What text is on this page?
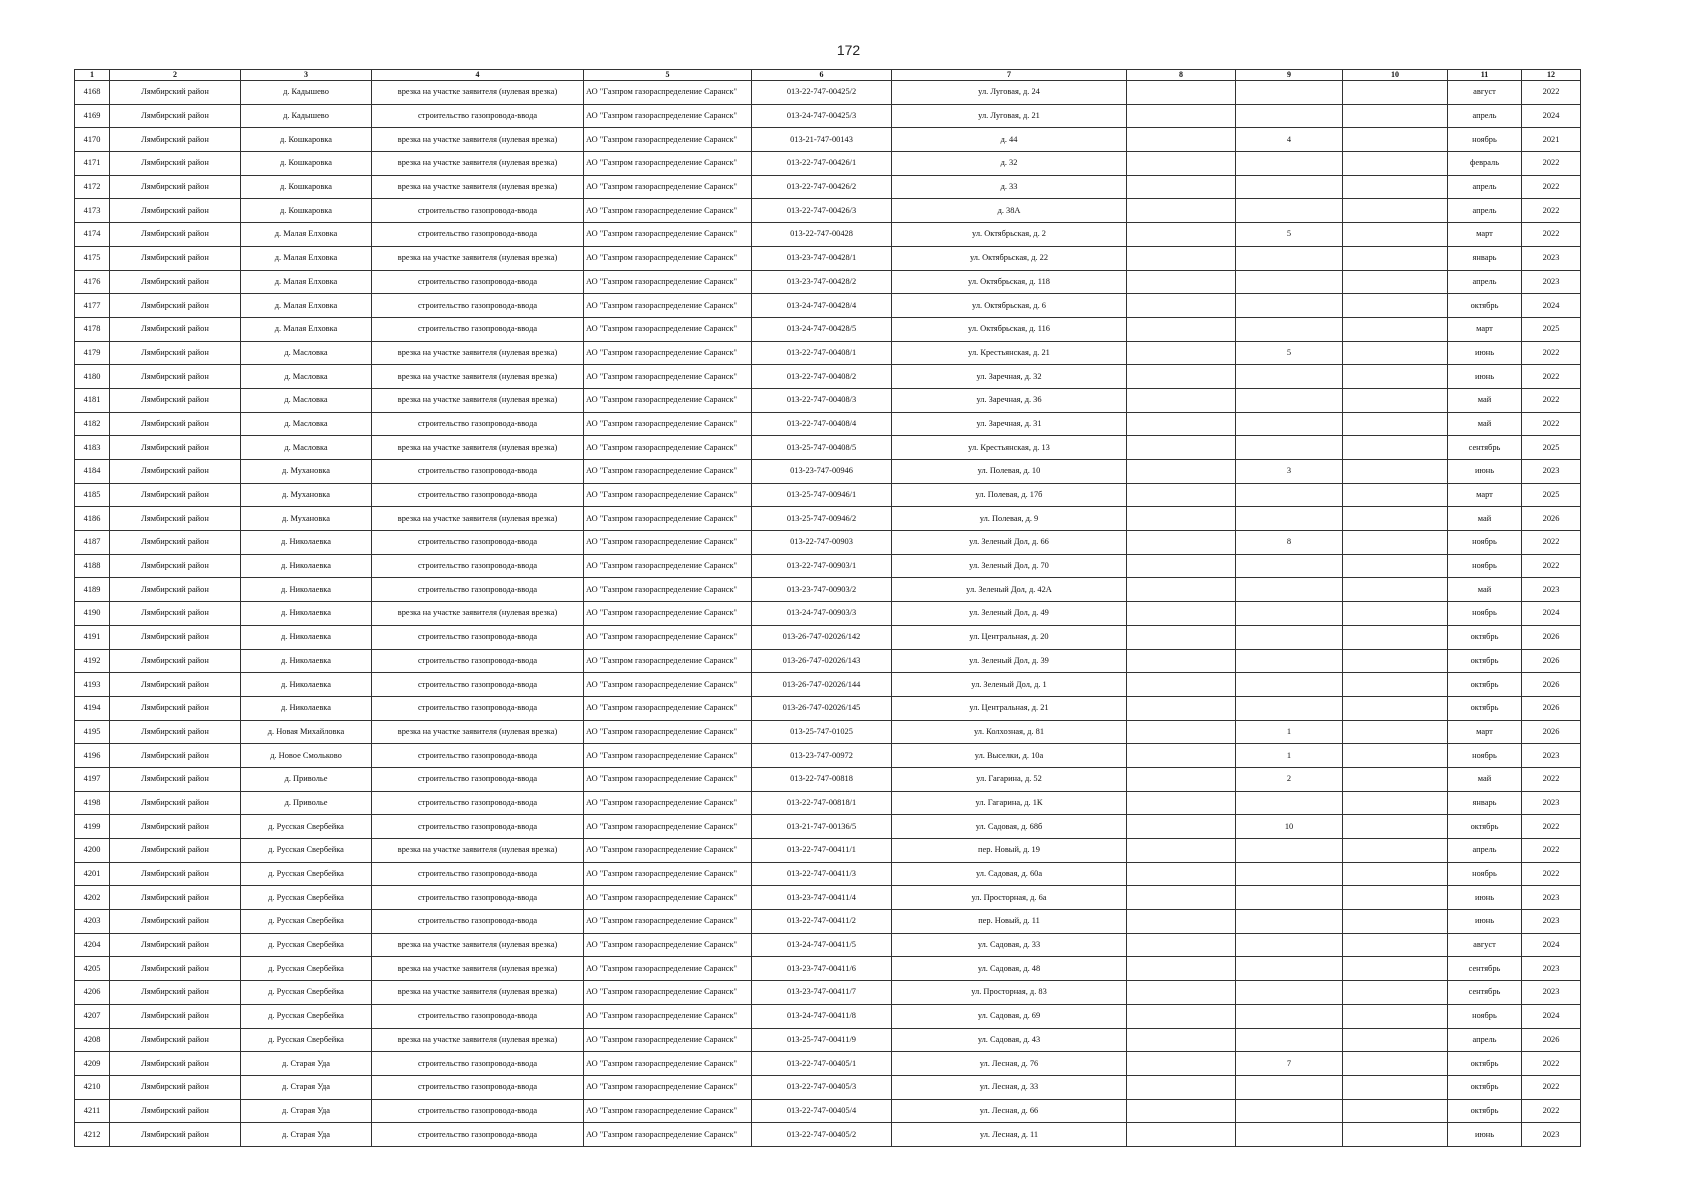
172
1	2	3	4	5	6	7	8	9	10	11	12
4168	Лямбирский район	д. Кадышево	врезка на участке заявителя (нулевая врезка)	АО "Газпром газораспределение Саранск"	013-22-747-00425/2	ул. Луговая, д. 24				август	2022
4169	Лямбирский район	д. Кадышево	строительство газопровода-ввода	АО "Газпром газораспределение Саранск"	013-24-747-00425/3	ул. Луговая, д. 21				апрель	2024
4170	Лямбирский район	д. Кошкаровка	врезка на участке заявителя (нулевая врезка)	АО "Газпром газораспределение Саранск"	013-21-747-00143	д. 44		4		ноябрь	2021
4171	Лямбирский район	д. Кошкаровка	врезка на участке заявителя (нулевая врезка)	АО "Газпром газораспределение Саранск"	013-22-747-00426/1	д. 32				февраль	2022
4172	Лямбирский район	д. Кошкаровка	врезка на участке заявителя (нулевая врезка)	АО "Газпром газораспределение Саранск"	013-22-747-00426/2	д. 33				апрель	2022
4173	Лямбирский район	д. Кошкаровка	строительство газопровода-ввода	АО "Газпром газораспределение Саранск"	013-22-747-00426/3	д. 38А				апрель	2022
4174	Лямбирский район	д. Малая Елховка	строительство газопровода-ввода	АО "Газпром газораспределение Саранск"	013-22-747-00428	ул. Октябрьская, д. 2		5		март	2022
4175	Лямбирский район	д. Малая Елховка	врезка на участке заявителя (нулевая врезка)	АО "Газпром газораспределение Саранск"	013-23-747-00428/1	ул. Октябрьская, д. 22				январь	2023
4176	Лямбирский район	д. Малая Елховка	строительство газопровода-ввода	АО "Газпром газораспределение Саранск"	013-23-747-00428/2	ул. Октябрьская, д. 118				апрель	2023
4177	Лямбирский район	д. Малая Елховка	строительство газопровода-ввода	АО "Газпром газораспределение Саранск"	013-24-747-00428/4	ул. Октябрьская, д. 6				октябрь	2024
4178	Лямбирский район	д. Малая Елховка	строительство газопровода-ввода	АО "Газпром газораспределение Саранск"	013-24-747-00428/5	ул. Октябрьская, д. 116				март	2025
4179	Лямбирский район	д. Масловка	врезка на участке заявителя (нулевая врезка)	АО "Газпром газораспределение Саранск"	013-22-747-00408/1	ул. Крестьянская, д. 21		5		июнь	2022
4180	Лямбирский район	д. Масловка	врезка на участке заявителя (нулевая врезка)	АО "Газпром газораспределение Саранск"	013-22-747-00408/2	ул. Заречная, д. 32				июнь	2022
4181	Лямбирский район	д. Масловка	врезка на участке заявителя (нулевая врезка)	АО "Газпром газораспределение Саранск"	013-22-747-00408/3	ул. Заречная, д. 36				май	2022
4182	Лямбирский район	д. Масловка	строительство газопровода-ввода	АО "Газпром газораспределение Саранск"	013-22-747-00408/4	ул. Заречная, д. 31				май	2022
4183	Лямбирский район	д. Масловка	врезка на участке заявителя (нулевая врезка)	АО "Газпром газораспределение Саранск"	013-25-747-00408/5	ул. Крестьянская, д. 13				сентябрь	2025
4184	Лямбирский район	д. Мухановка	строительство газопровода-ввода	АО "Газпром газораспределение Саранск"	013-23-747-00946	ул. Полевая, д. 10		3		июнь	2023
4185	Лямбирский район	д. Мухановка	строительство газопровода-ввода	АО "Газпром газораспределение Саранск"	013-25-747-00946/1	ул. Полевая, д. 17б				март	2025
4186	Лямбирский район	д. Мухановка	врезка на участке заявителя (нулевая врезка)	АО "Газпром газораспределение Саранск"	013-25-747-00946/2	ул. Полевая, д. 9				май	2026
4187	Лямбирский район	д. Николаевка	строительство газопровода-ввода	АО "Газпром газораспределение Саранск"	013-22-747-00903	ул. Зеленый Дол, д. 66		8		ноябрь	2022
4188	Лямбирский район	д. Николаевка	строительство газопровода-ввода	АО "Газпром газораспределение Саранск"	013-22-747-00903/1	ул. Зеленый Дол, д. 70				ноябрь	2022
4189	Лямбирский район	д. Николаевка	строительство газопровода-ввода	АО "Газпром газораспределение Саранск"	013-23-747-00903/2	ул. Зеленый Дол, д. 42А				май	2023
4190	Лямбирский район	д. Николаевка	врезка на участке заявителя (нулевая врезка)	АО "Газпром газораспределение Саранск"	013-24-747-00903/3	ул. Зеленый Дол, д. 49				ноябрь	2024
4191	Лямбирский район	д. Николаевка	строительство газопровода-ввода	АО "Газпром газораспределение Саранск"	013-26-747-02026/142	ул. Центральная, д. 20				октябрь	2026
4192	Лямбирский район	д. Николаевка	строительство газопровода-ввода	АО "Газпром газораспределение Саранск"	013-26-747-02026/143	ул. Зеленый Дол, д. 39				октябрь	2026
4193	Лямбирский район	д. Николаевка	строительство газопровода-ввода	АО "Газпром газораспределение Саранск"	013-26-747-02026/144	ул. Зеленый Дол, д. 1				октябрь	2026
4194	Лямбирский район	д. Николаевка	строительство газопровода-ввода	АО "Газпром газораспределение Саранск"	013-26-747-02026/145	ул. Центральная, д. 21				октябрь	2026
4195	Лямбирский район	д. Новая Михайловка	врезка на участке заявителя (нулевая врезка)	АО "Газпром газораспределение Саранск"	013-25-747-01025	ул. Колхозная, д. 81		1		март	2026
4196	Лямбирский район	д. Новое Смольково	строительство газопровода-ввода	АО "Газпром газораспределение Саранск"	013-23-747-00972	ул. Выселки, д. 10а		1		ноябрь	2023
4197	Лямбирский район	д. Приволье	строительство газопровода-ввода	АО "Газпром газораспределение Саранск"	013-22-747-00818	ул. Гагарина, д. 52		2		май	2022
4198	Лямбирский район	д. Приволье	строительство газопровода-ввода	АО "Газпром газораспределение Саранск"	013-22-747-00818/1	ул. Гагарина, д. 1К				январь	2023
4199	Лямбирский район	д. Русская Свербейка	строительство газопровода-ввода	АО "Газпром газораспределение Саранск"	013-21-747-00136/5	ул. Садовая, д. 68б		10		октябрь	2022
4200	Лямбирский район	д. Русская Свербейка	врезка на участке заявителя (нулевая врезка)	АО "Газпром газораспределение Саранск"	013-22-747-00411/1	пер. Новый, д. 19				апрель	2022
4201	Лямбирский район	д. Русская Свербейка	строительство газопровода-ввода	АО "Газпром газораспределение Саранск"	013-22-747-00411/3	ул. Садовая, д. 60а				ноябрь	2022
4202	Лямбирский район	д. Русская Свербейка	строительство газопровода-ввода	АО "Газпром газораспределение Саранск"	013-23-747-00411/4	ул. Просторная, д. 6а				июнь	2023
4203	Лямбирский район	д. Русская Свербейка	строительство газопровода-ввода	АО "Газпром газораспределение Саранск"	013-22-747-00411/2	пер. Новый, д. 11				июнь	2023
4204	Лямбирский район	д. Русская Свербейка	врезка на участке заявителя (нулевая врезка)	АО "Газпром газораспределение Саранск"	013-24-747-00411/5	ул. Садовая, д. 33				август	2024
4205	Лямбирский район	д. Русская Свербейка	врезка на участке заявителя (нулевая врезка)	АО "Газпром газораспределение Саранск"	013-23-747-00411/6	ул. Садовая, д. 48				сентябрь	2023
4206	Лямбирский район	д. Русская Свербейка	врезка на участке заявителя (нулевая врезка)	АО "Газпром газораспределение Саранск"	013-23-747-00411/7	ул. Просторная, д. 83				сентябрь	2023
4207	Лямбирский район	д. Русская Свербейка	строительство газопровода-ввода	АО "Газпром газораспределение Саранск"	013-24-747-00411/8	ул. Садовая, д. 69				ноябрь	2024
4208	Лямбирский район	д. Русская Свербейка	врезка на участке заявителя (нулевая врезка)	АО "Газпром газораспределение Саранск"	013-25-747-00411/9	ул. Садовая, д. 43				апрель	2026
4209	Лямбирский район	д. Старая Уда	строительство газопровода-ввода	АО "Газпром газораспределение Саранск"	013-22-747-00405/1	ул. Лесная, д. 76		7		октябрь	2022
4210	Лямбирский район	д. Старая Уда	строительство газопровода-ввода	АО "Газпром газораспределение Саранск"	013-22-747-00405/3	ул. Лесная, д. 33				октябрь	2022
4211	Лямбирский район	д. Старая Уда	строительство газопровода-ввода	АО "Газпром газораспределение Саранск"	013-22-747-00405/4	ул. Лесная, д. 66				октябрь	2022
4212	Лямбирский район	д. Старая Уда	строительство газопровода-ввода	АО "Газпром газораспределение Саранск"	013-22-747-00405/2	ул. Лесная, д. 11				июнь	2023
